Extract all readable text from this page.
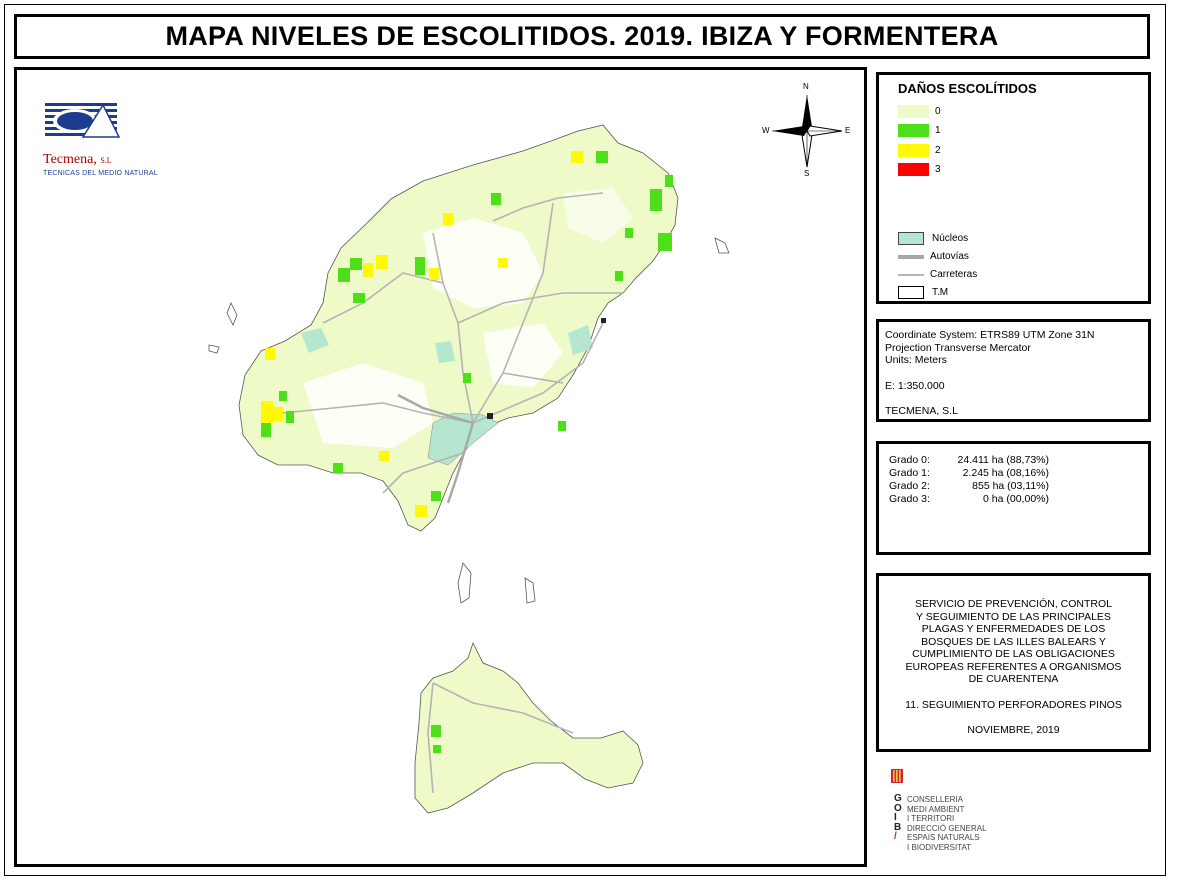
MAPA NIVELES DE ESCOLITIDOS. 2019. IBIZA Y FORMENTERA
Tecmena, S.L
TECNICAS DEL MEDIO NATURAL
N
S
E
W
DAÑOS ESCOLÍTIDOS
0
1
2
3
Núcleos
Autovías
Carreteras
T.M
Coordinate System: ETRS89 UTM Zone 31N
Projection Transverse Mercator
Units: Meters
E: 1:350.000
TECMENA, S.L
Grado 0:	24.411 ha (88,73%)
Grado 1:	2.245 ha (08,16%)
Grado 2:	855 ha (03,11%)
Grado 3:	0 ha (00,00%)
SERVICIO DE PREVENCIÓN, CONTROL
Y SEGUIMIENTO DE LAS PRINCIPALES
PLAGAS Y ENFERMEDADES DE LOS
BOSQUES DE LAS ILLES BALEARS Y
CUMPLIMIENTO DE LAS OBLIGACIONES
EUROPEAS REFERENTES A ORGANISMOS
DE CUARENTENA
11. SEGUIMIENTO PERFORADORES PINOS
NOVIEMBRE, 2019
G
O
I
B
/
CONSELLERIA
MEDI AMBIENT
I TERRITORI
DIRECCIÓ GENERAL
ESPAIS NATURALS
I BIODIVERSITAT
